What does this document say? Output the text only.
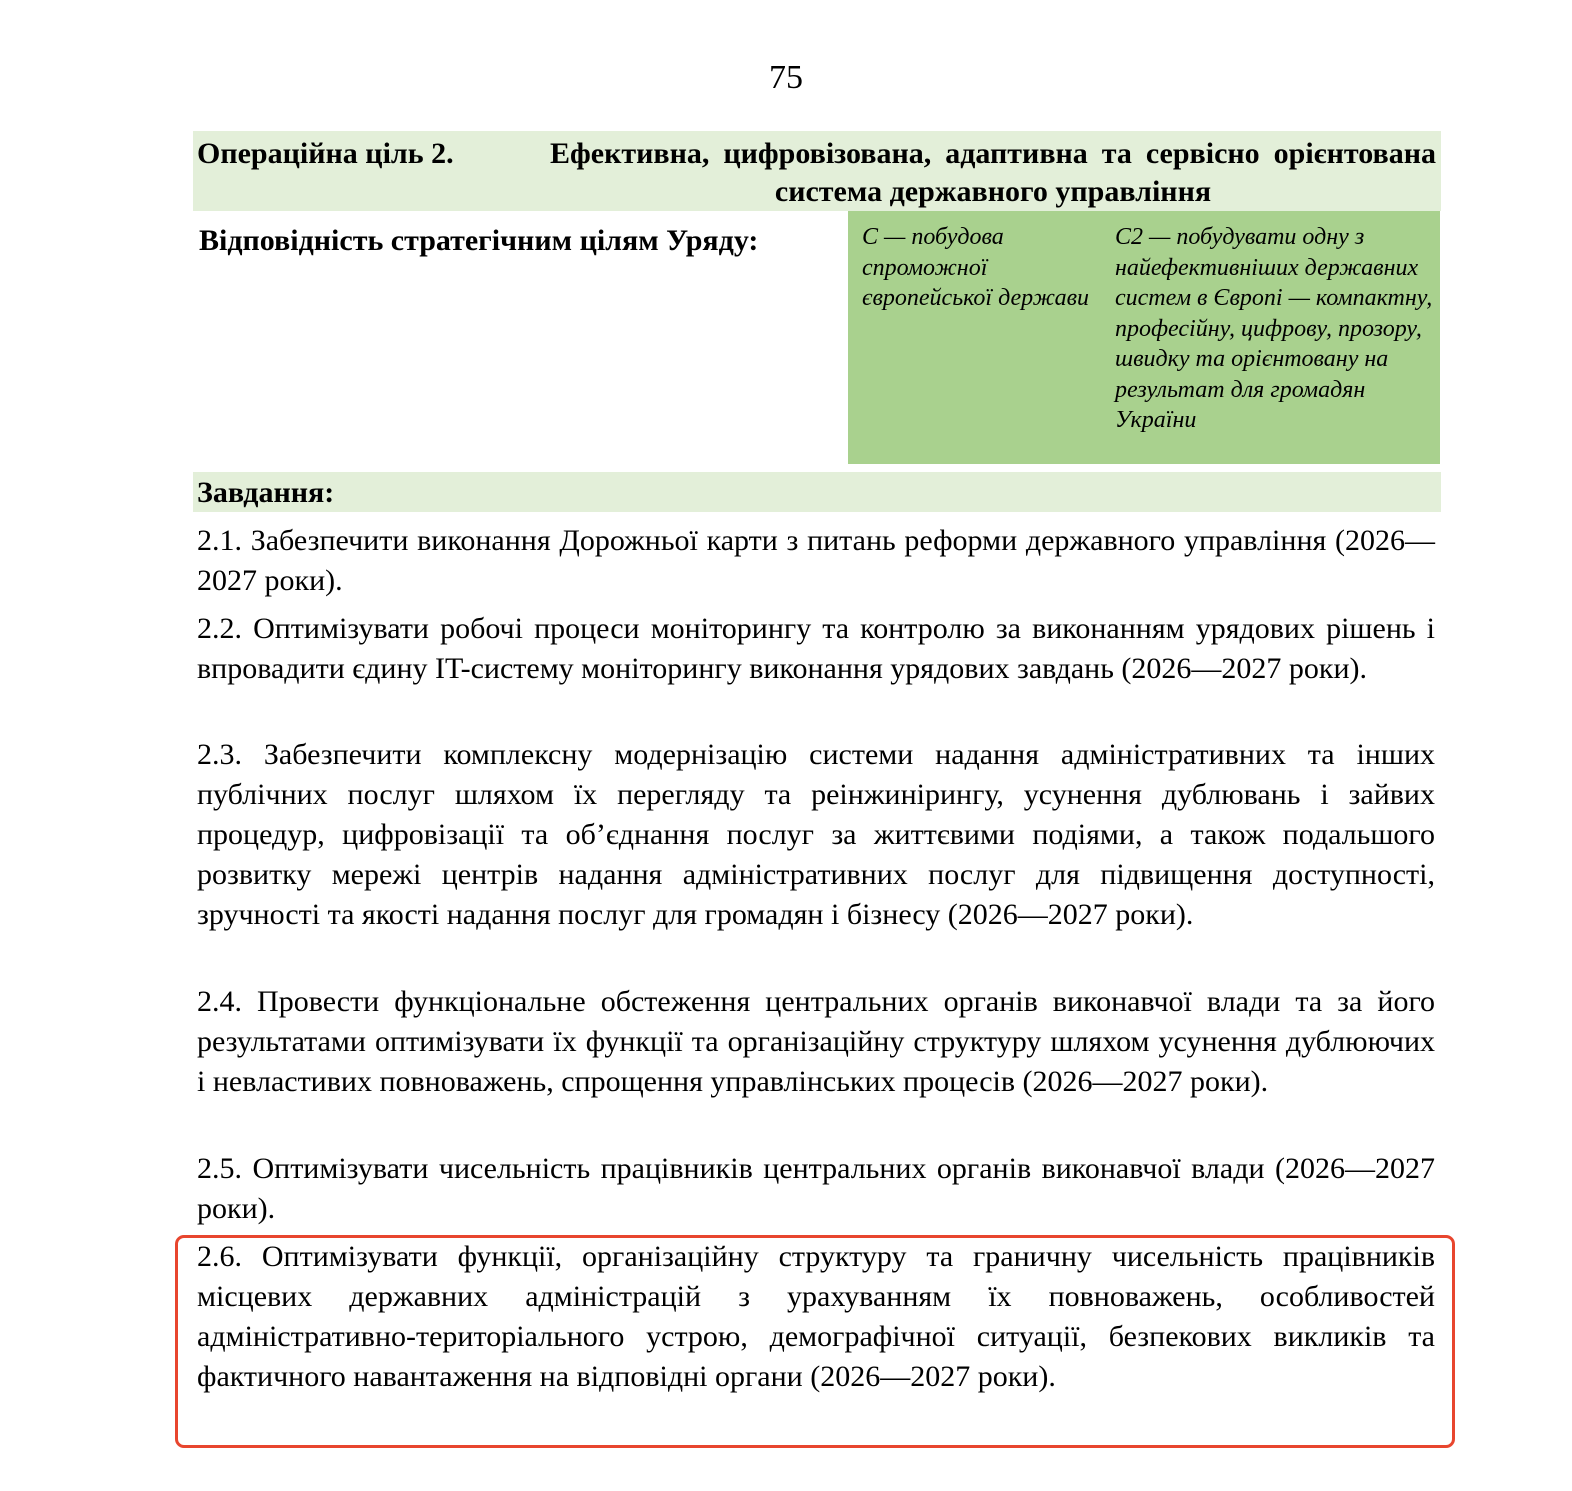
75
Операційна ціль 2.	Ефективна, цифровізована, адаптивна та сервісно орієнтована система державного управління
Відповідність стратегічним цілям Уряду:	С — побудова спроможної європейської держави
С2 — побудувати одну з найефективніших державних систем в Європі — компактну, професійну, цифрову, прозору, швидку та орієнтовану на результат для громадян України
Завдання:
2.1. Забезпечити виконання Дорожньої карти з питань реформи державного управління (2026—2027 роки).
2.2. Оптимізувати робочі процеси моніторингу та контролю за виконанням урядових рішень і впровадити єдину IT-систему моніторингу виконання урядових завдань (2026—2027 роки).
2.3. Забезпечити комплексну модернізацію системи надання адміністративних та інших публічних послуг шляхом їх перегляду та реінжинірингу, усунення дублювань і зайвих процедур, цифровізації та об’єднання послуг за життєвими подіями, а також подальшого розвитку мережі центрів надання адміністративних послуг для підвищення доступності, зручності та якості надання послуг для громадян і бізнесу (2026—2027 роки).
2.4. Провести функціональне обстеження центральних органів виконавчої влади та за його результатами оптимізувати їх функції та організаційну структуру шляхом усунення дублюючих і невластивих повноважень, спрощення управлінських процесів (2026—2027 роки).
2.5. Оптимізувати чисельність працівників центральних органів виконавчої влади (2026—2027 роки).
2.6. Оптимізувати функції, організаційну структуру та граничну чисельність працівників місцевих державних адміністрацій з урахуванням їх повноважень, особливостей адміністративно-територіального устрою, демографічної ситуації, безпекових викликів та фактичного навантаження на відповідні органи (2026—2027 роки).
